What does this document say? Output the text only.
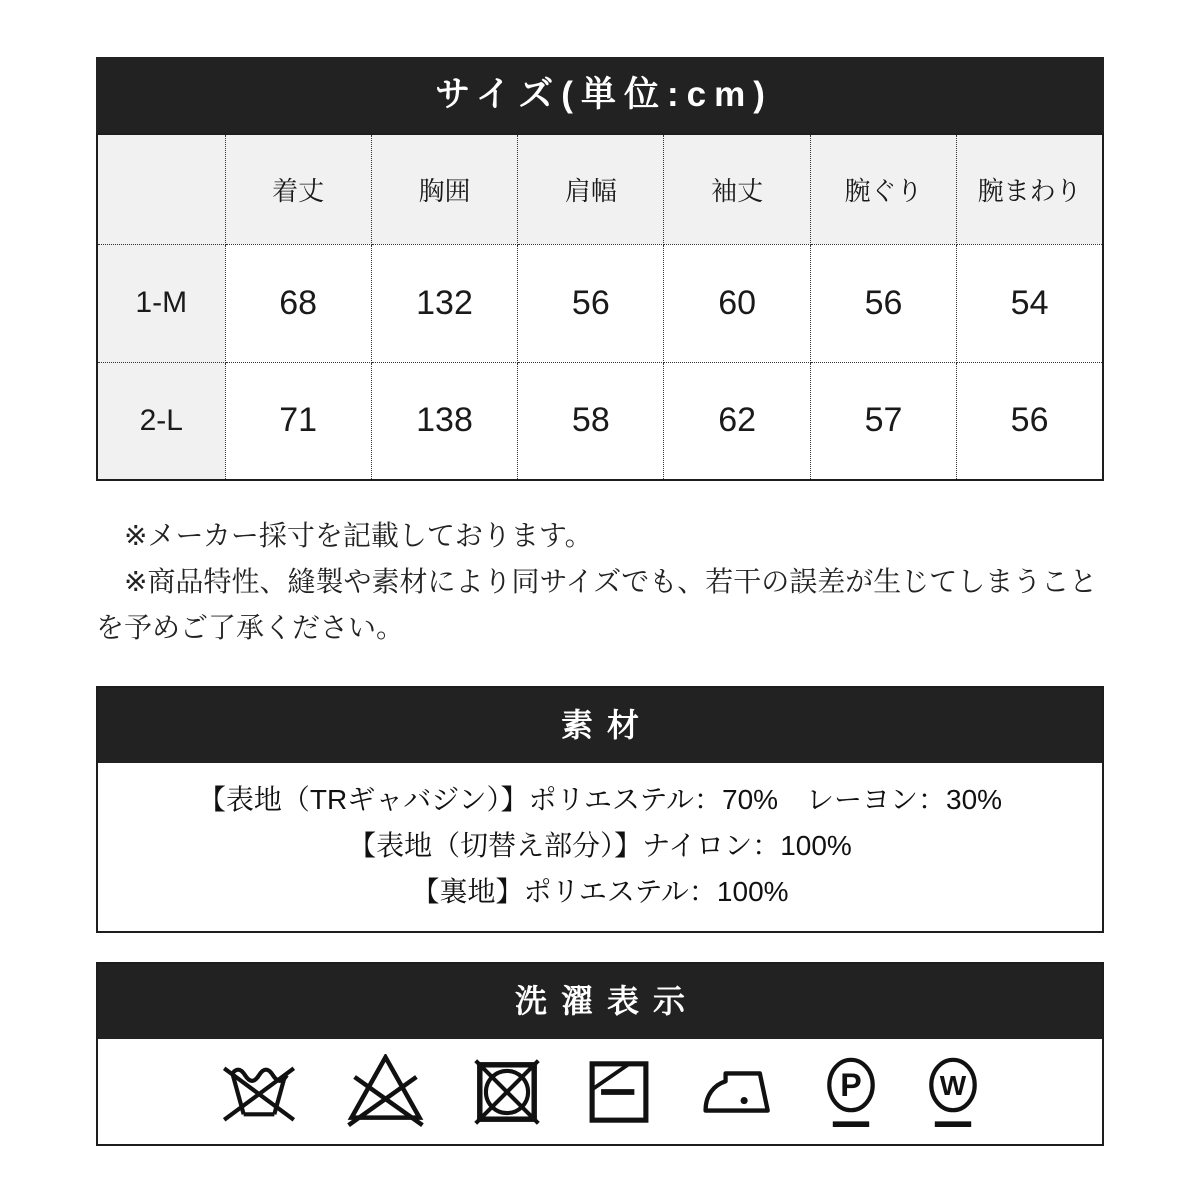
サイズ(単位:cm)
	着丈	胸囲	肩幅	袖丈	腕ぐり	腕まわり
1-M	68	132	56	60	56	54
2-L	71	138	58	62	57	56

※メーカー採寸を記載しております。

※商品特性、縫製や素材により同サイズでも、若干の誤差が生じてしまうことを予めご了承ください。

素材

【表地（TRギャバジン）】ポリエステル：70%　レーヨン：30%

【表地（切替え部分）】ナイロン：100%

【裏地】ポリエステル：100%

洗濯表示
P W
